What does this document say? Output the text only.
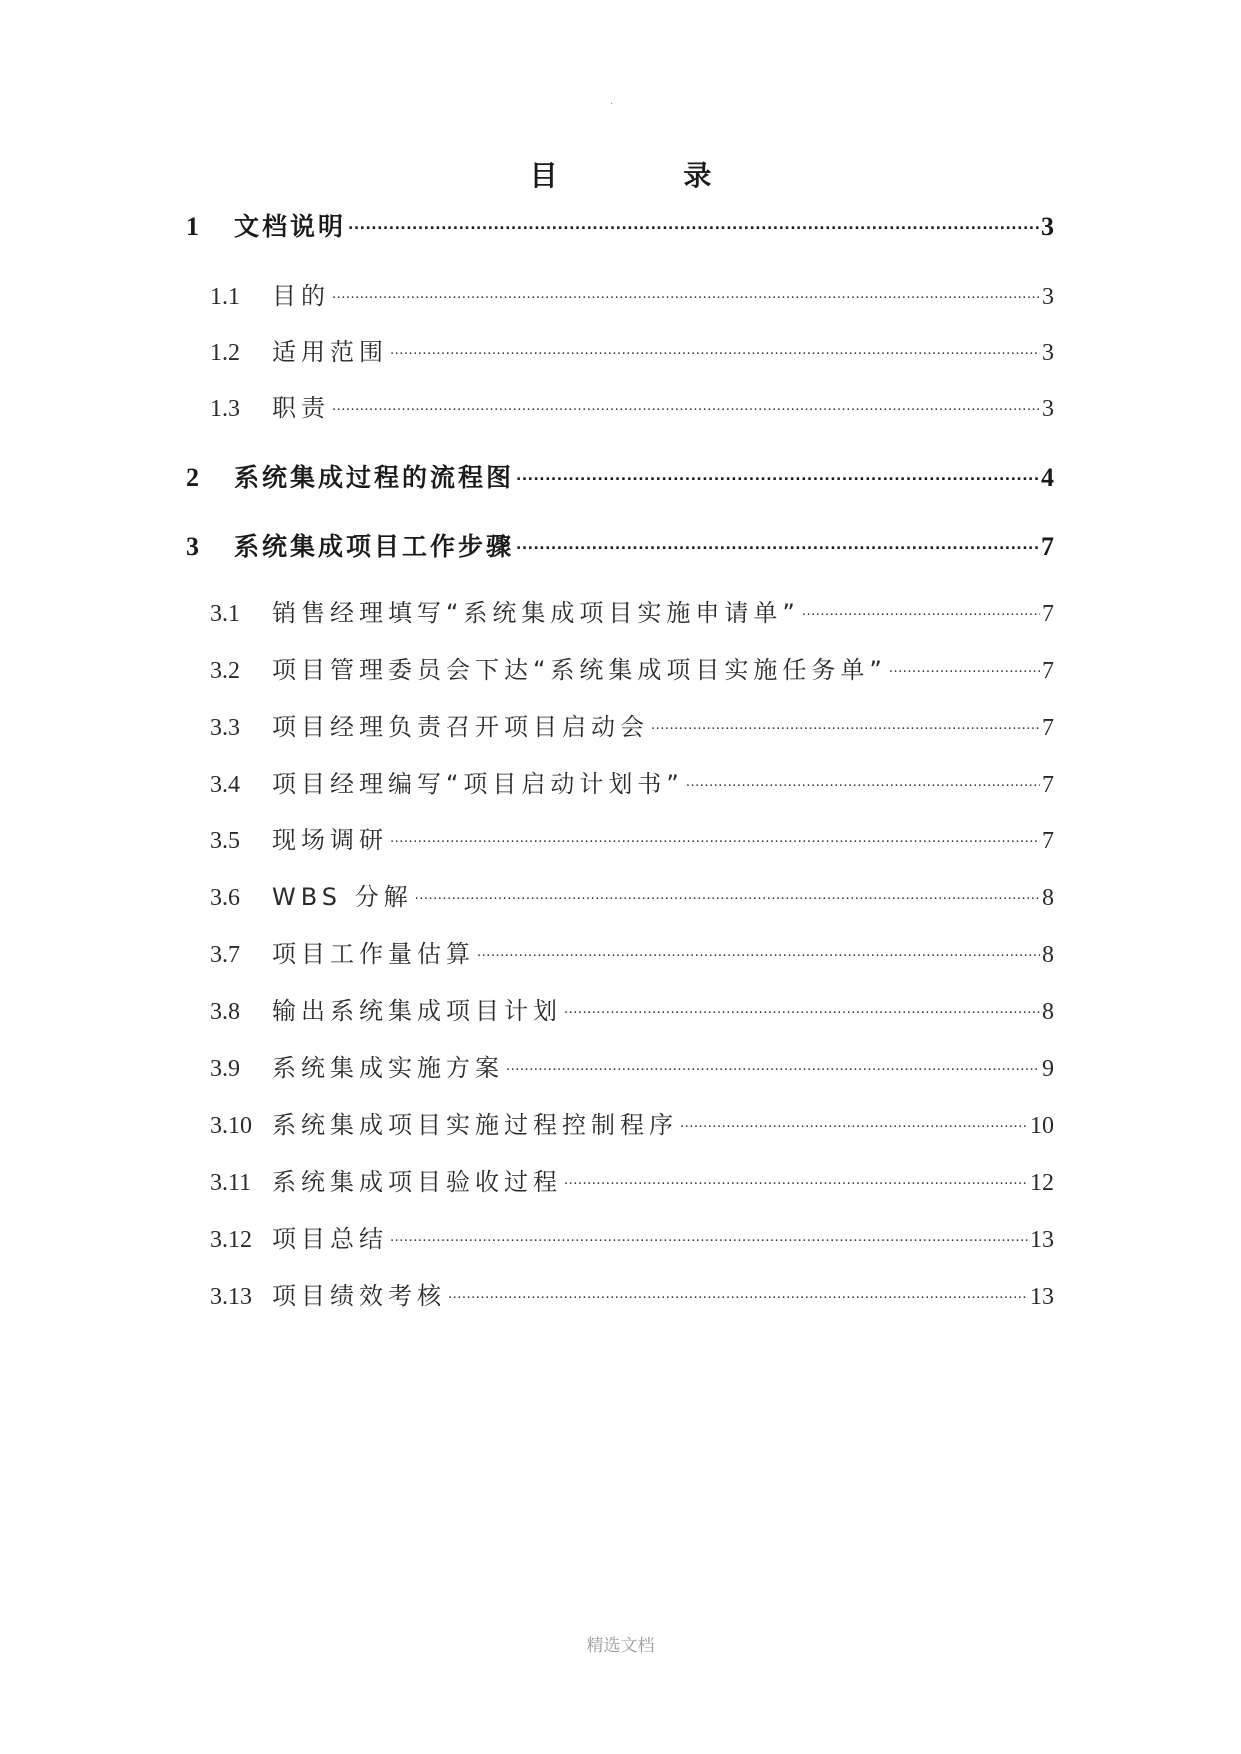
.
目 录
1	文档说明 .....	3
1.1	目的 .....	3
1.2	适用范围 .....	3
1.3	职责 .....	3
2	系统集成过程的流程图 .....	4
3	系统集成项目工作步骤 .....	7
3.1	销售经理填写“系统集成项目实施申请单” .....	7
3.2	项目管理委员会下达“系统集成项目实施任务单” .....	7
3.3	项目经理负责召开项目启动会 .....	7
3.4	项目经理编写“项目启动计划书” .....	7
3.5	现场调研 .....	7
3.6	WBS 分解 .....	8
3.7	项目工作量估算 .....	8
3.8	输出系统集成项目计划 .....	8
3.9	系统集成实施方案 .....	9
3.10 系统集成项目实施过程控制程序 .....	10
3.11 系统集成项目验收过程 .....	12
3.12 项目总结 .....	13
3.13 项目绩效考核 .....	13
精选文档
